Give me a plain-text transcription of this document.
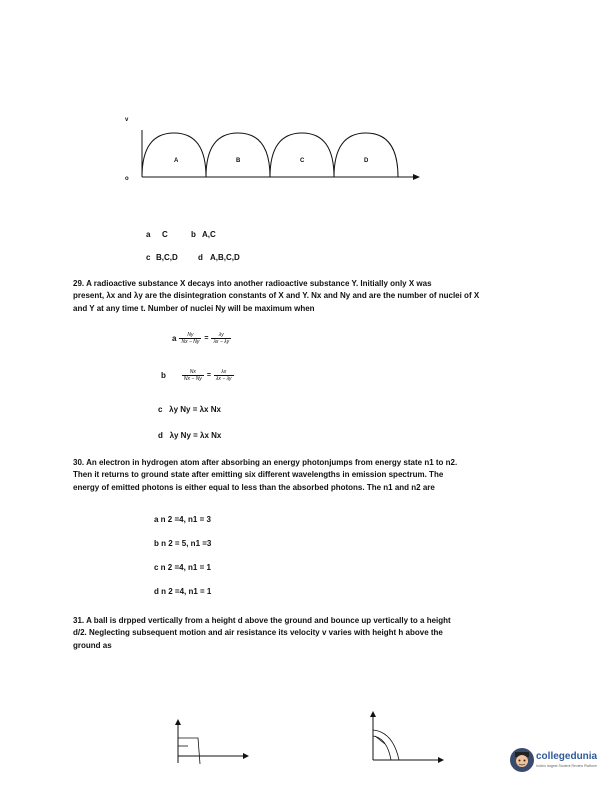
v
o
A	B	C	D
a C	b A,C
c B,C,D	d A,B,C,D
29. A radioactive substance X decays into another radioactive substance Y. Initially only X was
present, λx and λy are the disintegration constants of X and Y. Nx and Ny and are the number of nuclei of X
and Y at any time t. Number of nuclei Ny will be maximum when
a $\frac{Ny}{Nx - Ny} = \frac{\lambda y}{\lambda x - \lambda y}$
b	$\frac{Nx}{Nx - Ny} = \frac{\lambda x}{\lambda x - \lambda y}$
c λy Ny = λx Nx
d λy Ny = λx Nx
30. An electron in hydrogen atom after absorbing an energy photonjumps from energy state n1 to n2.
Then it returns to ground state after emitting six different wavelengths in emission spectrum. The
energy of emitted photons is either equal to less than the absorbed photons. The n1 and n2 are
a n 2 =4, n1 = 3
b n 2 = 5, n1 =3
c n 2 =4, n1 = 1
d n 2 =4, n1 = 1
31. A ball is drpped vertically from a height d above the ground and bounce up vertically to a height
d/2. Neglecting subsequent motion and air resistance its velocity v varies with height h above the
ground as
collegedunia
India's largest Student Review Platform
